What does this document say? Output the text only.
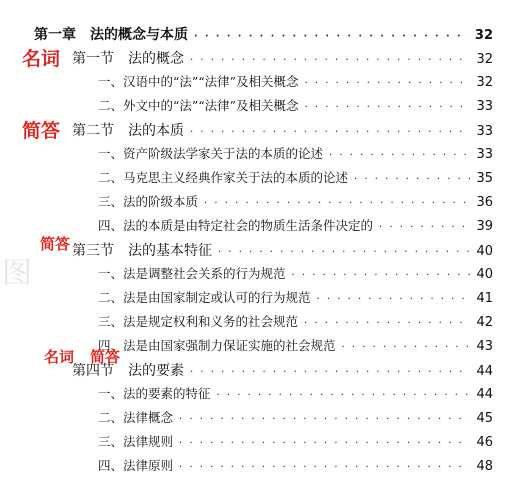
第一章　法的概念与本质 · · ·	32
第一节　法的概念 · · ·	32
一、汉语中的“法”“法律”及相关概念 · · ·	32
二、外文中的“法”“法律”及相关概念 · · ·	33
第二节　法的本质 · · ·	33
一、资产阶级法学家关于法的本质的论述 · · ·	33
二、马克思主义经典作家关于法的本质的论述 · · ·	35
三、法的阶级本质 · · ·	36
四、法的本质是由特定社会的物质生活条件决定的 · · ·	39
第三节　法的基本特征 · · ·	40
一、法是调整社会关系的行为规范 · · ·	40
二、法是由国家制定或认可的行为规范 · · ·	41
三、法是规定权利和义务的社会规范 · · ·	42
四、法是由国家强制力保证实施的社会规范 · · ·	43
第四节　法的要素 · · ·	44
一、法的要素的特征 · · ·	44
二、法律概念 · · ·	45
三、法律规则 · · ·	46
四、法律原则 · · ·	48
名词
简答
简答
名词 简答
图
